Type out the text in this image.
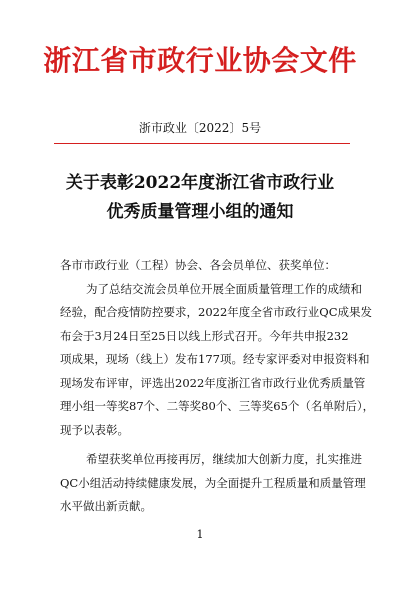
浙江省市政行业协会文件
浙市政业〔2022〕5号
关于表彰2022年度浙江省市政行业
优秀质量管理小组的通知
各市市政行业（工程）协会、各会员单位、获奖单位：
为了总结交流会员单位开展全面质量管理工作的成绩和
经验，配合疫情防控要求，2022年度全省市政行业QC成果发
布会于3月24日至25日以线上形式召开。今年共申报232
项成果，现场（线上）发布177项。经专家评委对申报资料和
现场发布评审，评选出2022年度浙江省市政行业优秀质量管
理小组一等奖87个、二等奖80个、三等奖65个（名单附后），
现予以表彰。
希望获奖单位再接再厉，继续加大创新力度，扎实推进
QC小组活动持续健康发展，为全面提升工程质量和质量管理
水平做出新贡献。
1
